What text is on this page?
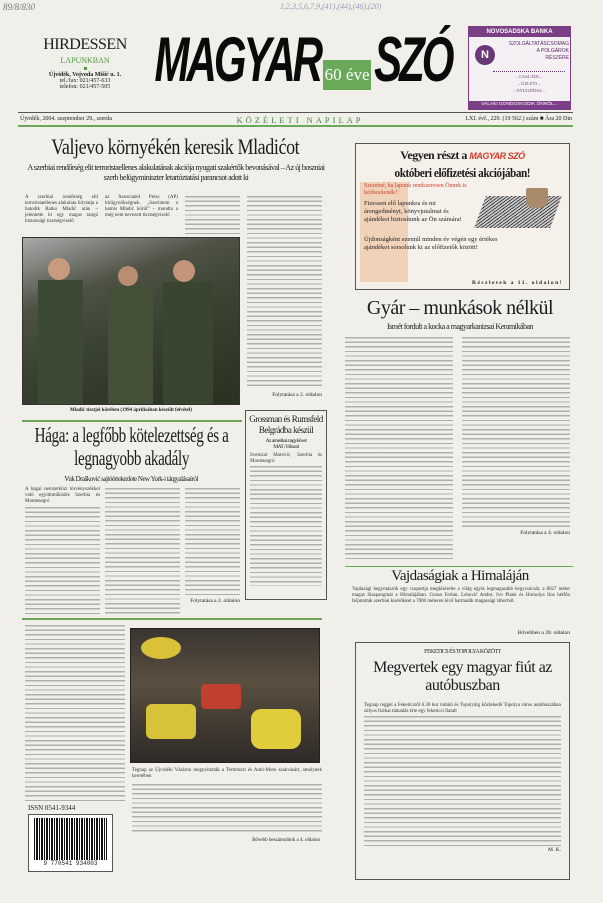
89/8/830	1,2,3,5,6,7,9,(41),(44),(46),(20)
HIRDESSEN
LAPUNKBAN
Újvidék, Vojvoda Mišić u. 1.
tel./fax: 021/457-633
telefon: 021/457-505	MAGYAR 60 éve SZÓ	NOVOSADSKA BANKA
N
SZOLGÁLTATÁSCSOMAG
A POLGÁROK
RÉSZÉRE
– CSALÁDI –
– ÜZLETI –
– NYUGDÍJAS –
VALAKI GONDOSKODIK ÖNRŐL...
Újvidék, 2004. szeptember 29., szerda	KÖZÉLETI NAPILAP	LXI. évf., 229. (19 562.) szám ■ Ára 20 Din
Valjevo környékén keresik Mladićot
A szerbiai rendőrség elit terroristaellenes alakulatának akciója nyugati szakértők bevonásával – Az új boszniai szerb belügyminiszter letartóztatási parancsot adott ki
A szerbiai rendőrség elit terroristaellenes alakulata folytatja a hatodik Ratko Mladić után – jelentette ki egy magas rangú biztonsági tisztségviselő
az Associated Press (AP) hírügynökségnek. „Szerintem a hamis Mladić körül” – mondta a még nem nevezett tisztségviselő
Mladić tisztjei körében (1994 áprilisában készült felvétel)
Folytatása a 2. oldalon
Hága: a legfőbb kötelezettség és a legnagyobb akadály
Vuk Drašković sajtóértekezlete New York-i tárgyalásairól
A hágai nemzetközi törvényszékkel való együttműködés Szerbia és Montenegró
Folytatása a 2. oldalon
Grossman és Rumsfeld Belgrádba készül
Az amerikai nagykövet
MAT / Hírszol
Svetozar Marović, Szerbia és Montenegró
Tegnap az Újvidéki Vásáron megnyitották a Termtoszt és Autó-Moto szakvásárt, amelynek keretében
Bővebb beszámolónk a 4. oldalon
ISSN 0541-9344
9 770541 934003
Vegyen részt a MAGYAR SZÓ
októberi előfizetési akciójában!
Szeretné, ha lapunk rendszeresen Önnek is kézbesítenék?
Fizessen elő lapunkra és mi árengedményt, könyvjutalmat és ajándékot biztosítunk az Ön számára!
Újdonságként ezentúl minden év végén egy értékes ajándékot sorsolunk ki az előfizetők között!
Részletek a 11. oldalon!
Gyár – munkások nélkül
Ismét fordult a kocka a magyarkanizsai Keramikában
Folytatása a 4. oldalon
Vajdaságiak a Himaláján
Vajdasági hegymászók egy csoportja megkísérelte a világ egyik legmagasabb hegycsúcsát, a 8027 méter magas Sisapangmát a Himalájában. Goran Ferlan, Lehovič Andor, Ivo Plank és Homolya Ilos hétfőn feljutottak szerbiai kísérőkkel a 7000 méteren lévő harmadik magassági táborból.
Bővebben a 28. oldalon
FEKETICS ÉS TOPOLYA KÖZÖTT
Megvertek egy magyar fiút az autóbuszban
Tegnap reggel a Feketicsről 6.30 kor induló és Topolyáig közlekedő Topolya város autóbuszában súlyos fizikai támadás érte egy feketicsi fiatalt
M. K.
